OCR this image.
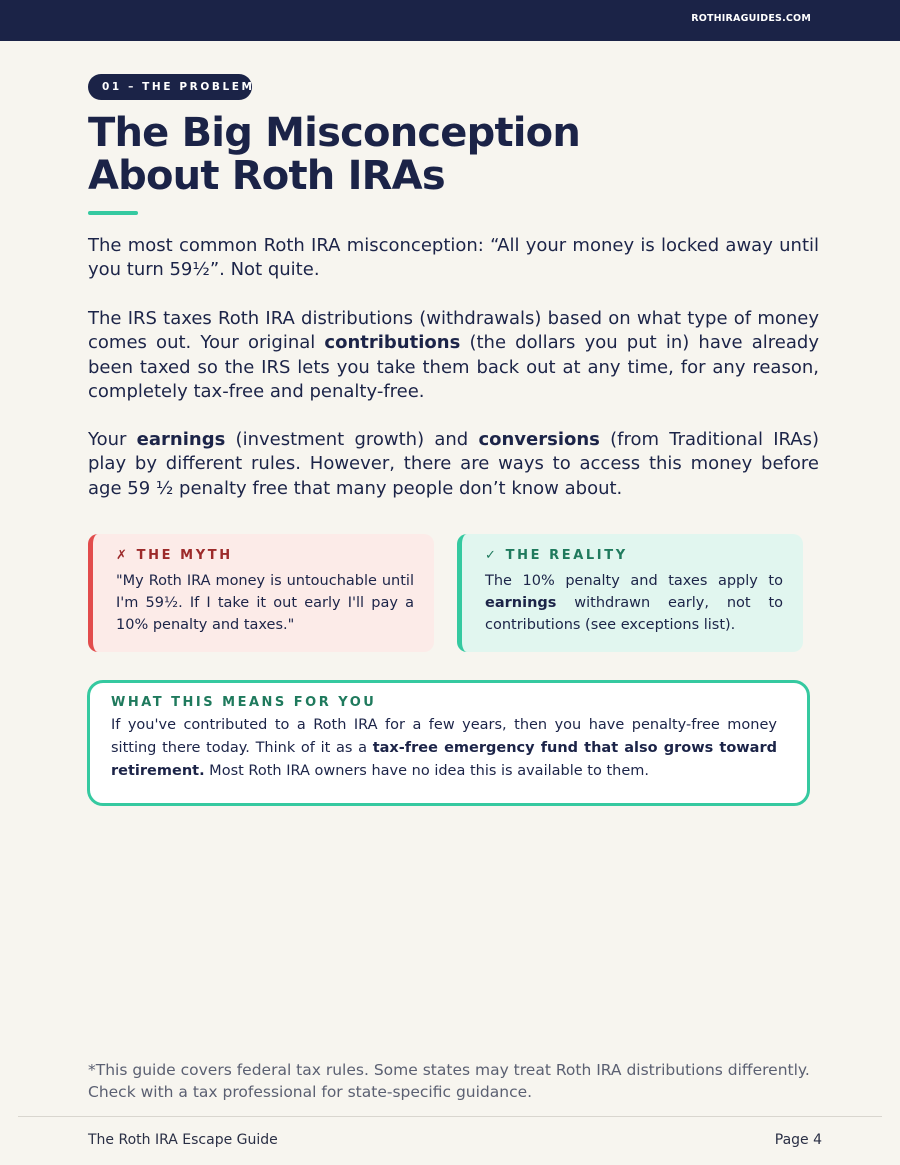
ROTHIRAGUIDES.COM
01 – THE PROBLEM
The Big Misconception
About Roth IRAs

The most common Roth IRA misconception: “All your money is locked away until you turn 59½”. Not quite.

The IRS taxes Roth IRA distributions (withdrawals) based on what type of money comes out. Your original contributions (the dollars you put in) have already been taxed so the IRS lets you take them back out at any time, for any reason, completely tax-free and penalty-free.

Your earnings (investment growth) and conversions (from Traditional IRAs) play by different rules. However, there are ways to access this money before age 59 ½ penalty free that many people don’t know about.

✗ THE MYTH
"My Roth IRA money is untouchable until I'm 59½. If I take it out early I'll pay a 10% penalty and taxes."
✓ THE REALITY
The 10% penalty and taxes apply to earnings withdrawn early, not to contributions (see exceptions list).
WHAT THIS MEANS FOR YOU
If you've contributed to a Roth IRA for a few years, then you have penalty-free money sitting there today. Think of it as a tax-free emergency fund that also grows toward retirement. Most Roth IRA owners have no idea this is available to them.

*This guide covers federal tax rules. Some states may treat Roth IRA distributions differently. Check with a tax professional for state-specific guidance.

The Roth IRA Escape Guide	Page 4
